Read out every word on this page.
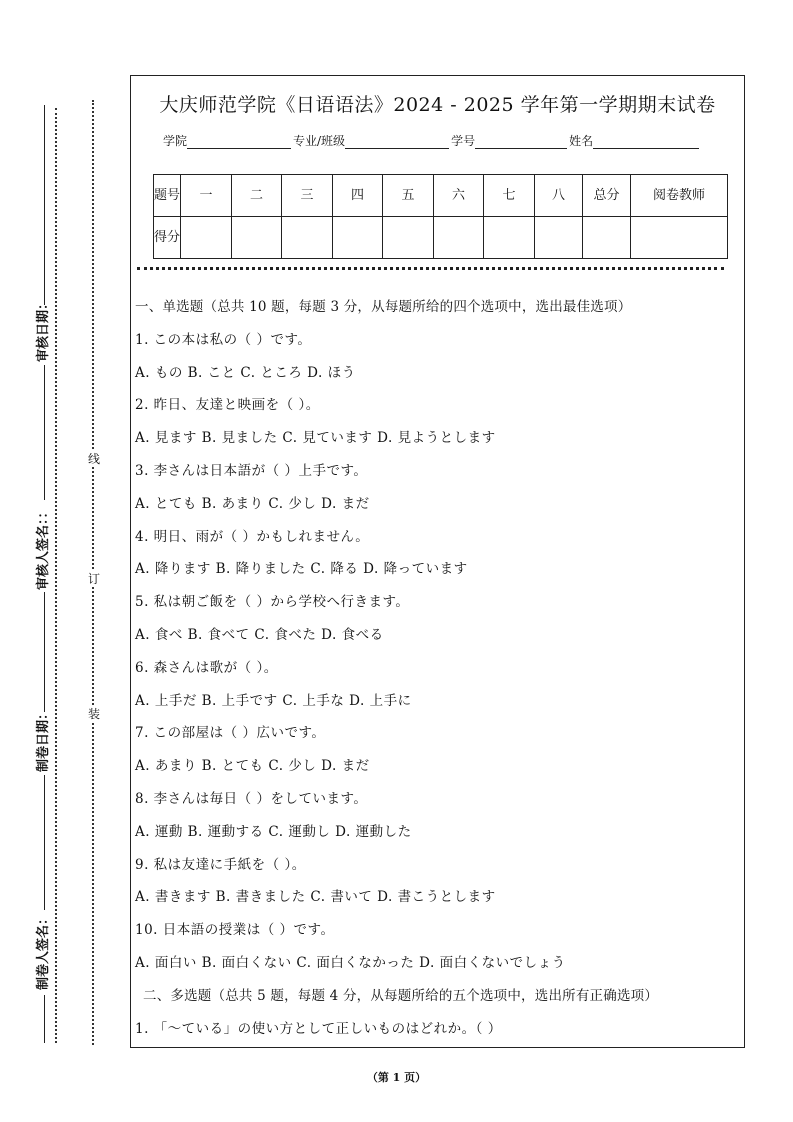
审核日期：
审核人签名：：
制卷日期：
制卷人签名：
线
订
装
大庆师范学院《日语语法》2024 - 2025 学年第一学期期末试卷
学院	专业/班级	学号	姓名
题号	一	二	三	四	五	六	七	八	总分	阅卷教师
得分										
一、单选题（总共 10 题，每题 3 分，从每题所给的四个选项中，选出最佳选项）
1. この本は私の（ ）です。
A. もの B. こと C. ところ D. ほう
2. 昨日、友達と映画を（ ）。
A. 見ます B. 見ました C. 見ています D. 見ようとします
3. 李さんは日本語が（ ）上手です。
A. とても B. あまり C. 少し D. まだ
4. 明日、雨が（ ）かもしれません。
A. 降ります B. 降りました C. 降る D. 降っています
5. 私は朝ご飯を（ ）から学校へ行きます。
A. 食べ B. 食べて C. 食べた D. 食べる
6. 森さんは歌が（ ）。
A. 上手だ B. 上手です C. 上手な D. 上手に
7. この部屋は（ ）広いです。
A. あまり B. とても C. 少し D. まだ
8. 李さんは毎日（ ）をしています。
A. 運動 B. 運動する C. 運動し D. 運動した
9. 私は友達に手紙を（ ）。
A. 書きます B. 書きました C. 書いて D. 書こうとします
10. 日本語の授業は（ ）です。
A. 面白い B. 面白くない C. 面白くなかった D. 面白くないでしょう
二、多选题（总共 5 题，每题 4 分，从每题所给的五个选项中，选出所有正确选项）
1. 「～ている」の使い方として正しいものはどれか。（ ）
（第 1 页）
